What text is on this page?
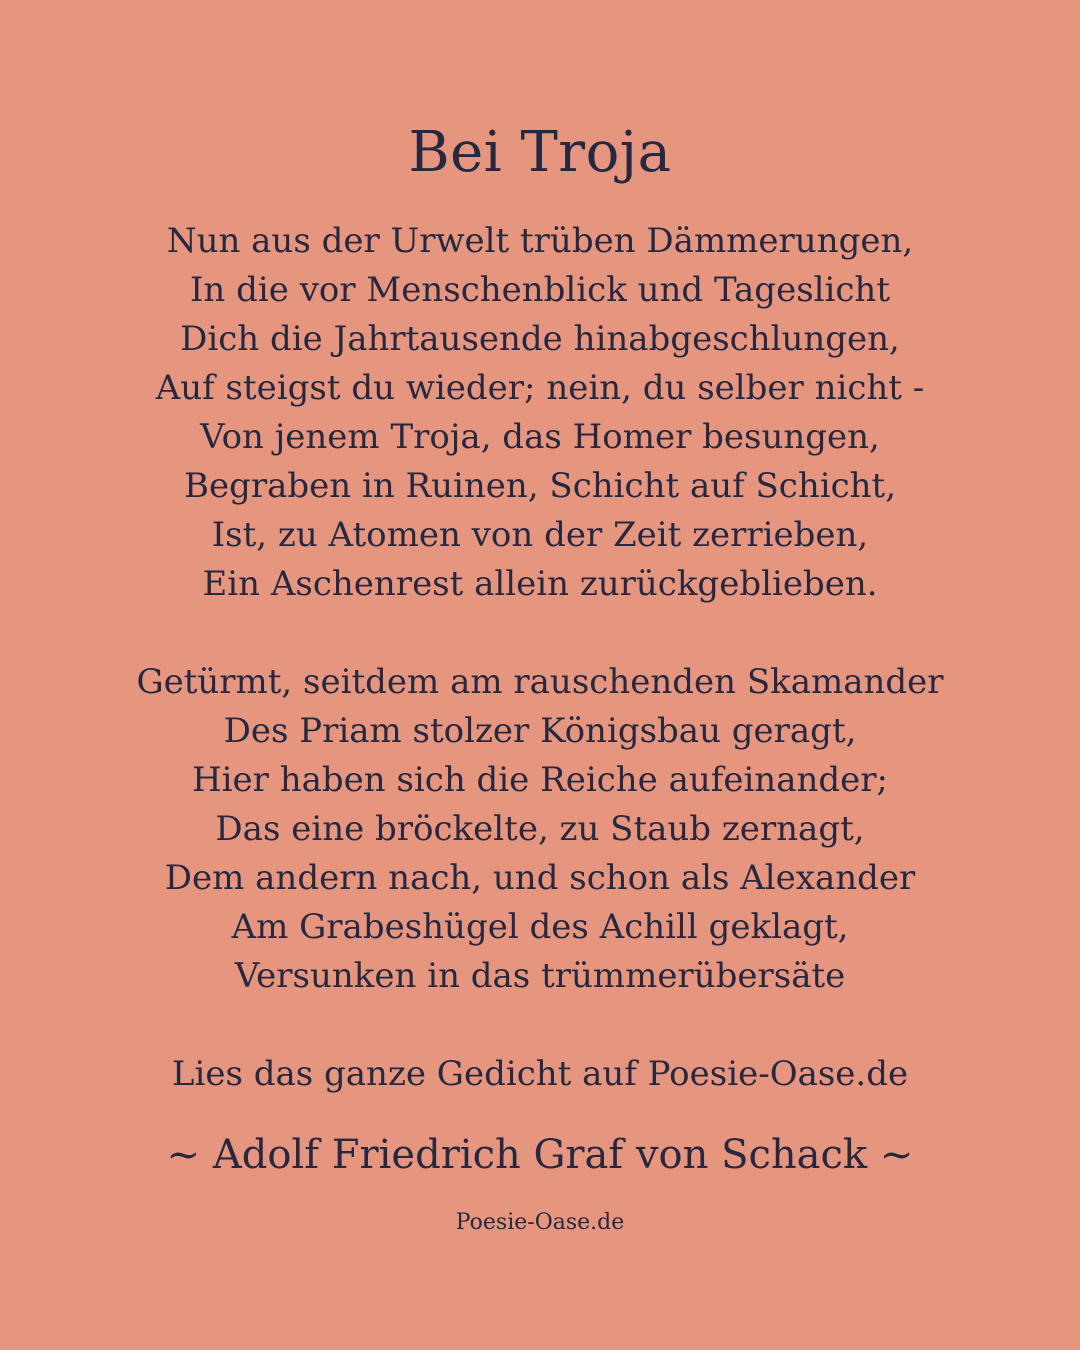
Bei Troja
Nun aus der Urwelt trüben Dämmerungen,
In die vor Menschenblick und Tageslicht
Dich die Jahrtausende hinabgeschlungen,
Auf steigst du wieder; nein, du selber nicht -
Von jenem Troja, das Homer besungen,
Begraben in Ruinen, Schicht auf Schicht,
Ist, zu Atomen von der Zeit zerrieben,
Ein Aschenrest allein zurückgeblieben.
Getürmt, seitdem am rauschenden Skamander
Des Priam stolzer Königsbau geragt,
Hier haben sich die Reiche aufeinander;
Das eine bröckelte, zu Staub zernagt,
Dem andern nach, und schon als Alexander
Am Grabeshügel des Achill geklagt,
Versunken in das trümmerübersäte
Lies das ganze Gedicht auf Poesie-Oase.de
~ Adolf Friedrich Graf von Schack ~
Poesie-Oase.de
